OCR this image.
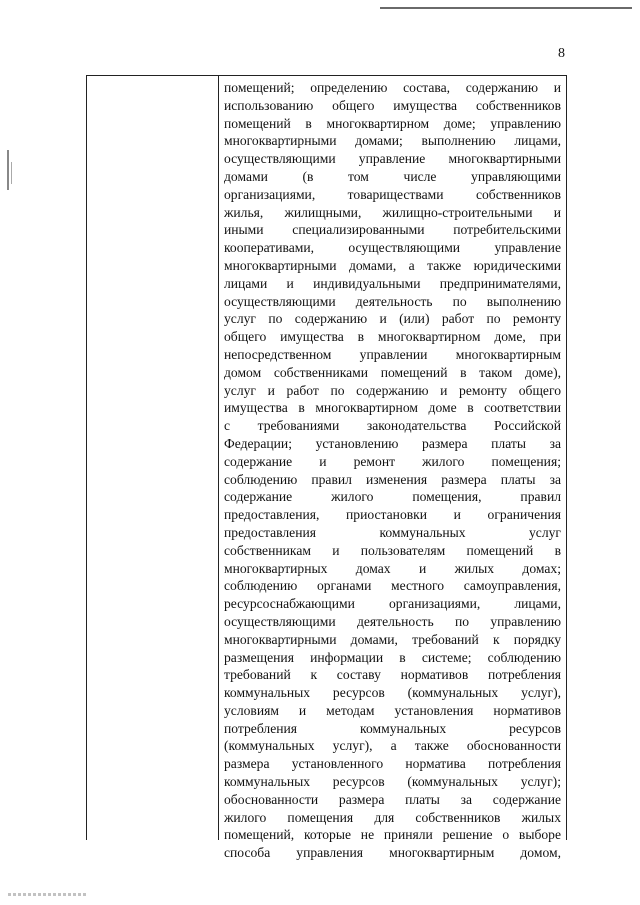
8
помещений; определению состава, содержанию и
использованию общего имущества собственников
помещений в многоквартирном доме; управлению
многоквартирными домами; выполнению лицами,
осуществляющими управление многоквартирными
домами (в том числе управляющими
организациями, товариществами собственников
жилья, жилищными, жилищно-строительными и
иными специализированными потребительскими
кооперативами, осуществляющими управление
многоквартирными домами, а также юридическими
лицами и индивидуальными предпринимателями,
осуществляющими деятельность по выполнению
услуг по содержанию и (или) работ по ремонту
общего имущества в многоквартирном доме, при
непосредственном управлении многоквартирным
домом собственниками помещений в таком доме),
услуг и работ по содержанию и ремонту общего
имущества в многоквартирном доме в соответствии
с требованиями законодательства Российской
Федерации; установлению размера платы за
содержание и ремонт жилого помещения;
соблюдению правил изменения размера платы за
содержание жилого помещения, правил
предоставления, приостановки и ограничения
предоставления коммунальных услуг
собственникам и пользователям помещений в
многоквартирных домах и жилых домах;
соблюдению органами местного самоуправления,
ресурсоснабжающими организациями, лицами,
осуществляющими деятельность по управлению
многоквартирными домами, требований к порядку
размещения информации в системе; соблюдению
требований к составу нормативов потребления
коммунальных ресурсов (коммунальных услуг),
условиям и методам установления нормативов
потребления коммунальных ресурсов
(коммунальных услуг), а также обоснованности
размера установленного норматива потребления
коммунальных ресурсов (коммунальных услуг);
обоснованности размера платы за содержание
жилого помещения для собственников жилых
помещений, которые не приняли решение о выборе
способа управления многоквартирным домом,
